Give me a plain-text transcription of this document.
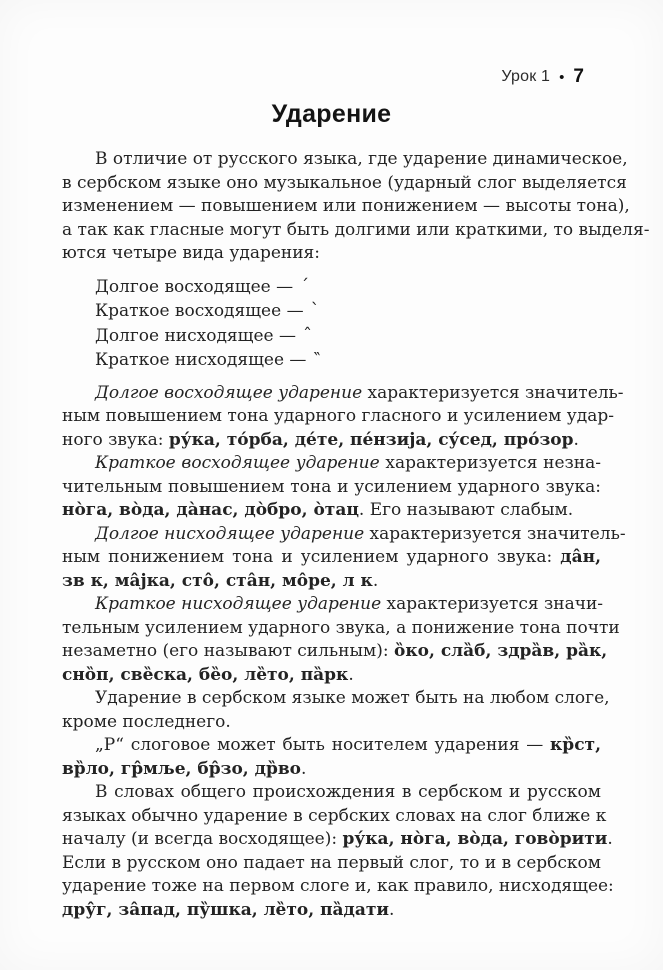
Урок 1 • 7
Ударение
В отличие от русского языка, где ударение динамическое,
в сербском языке оно музыкальное (ударный слог выделяется
изменением — повышением или понижением — высоты тона),
а так как гласные могут быть долгими или краткими, то выделя-
ются четыре вида ударения:
Долгое восходящее — ´
Краткое восходящее — `
Долгое нисходящее — ˆ
Краткое нисходящее — ‶
Долгое восходящее ударение характеризуется значитель-
ным повышением тона ударного гласного и усилением удар-
ного звука: ру́ка, то́рба, де́те, пе́нзија, су́сед, про́зор.
Краткое восходящее ударение характеризуется незна-
чительным повышением тона и усилением ударного звука:
но̀га, во̀да, да̀нас, до̀бро, о̀тац. Его называют слабым.
Долгое нисходящее ударение характеризуется значитель-
ным понижением тона и усилением ударного звука: да̂н,
зв к, ма̂јка, сто̂, ста̂н, мо̂ре, л к.
Краткое нисходящее ударение характеризуется значи-
тельным усилением ударного звука, а понижение тона почти
незаметно (его называют сильным): о̏ко, сла̏б, здра̏в, ра̏к,
сно̏п, све̏ска, бе̏о, ле̏то, па̏рк.
Ударение в сербском языке может быть на любом слоге,
кроме последнего.
„Р“ слоговое может быть носителем ударения — кр̏ст,
вр̏ло, гр̂мље, бр̂зо, др̏во.
В словах общего происхождения в сербском и русском
языках обычно ударение в сербских словах на слог ближе к
началу (и всегда восходящее): ру́ка, но̀га, во̀да, гово̀рити.
Если в русском оно падает на первый слог, то и в сербском
ударение тоже на первом слоге и, как правило, нисходящее:
дру̂г, за̂пад, пу̏шка, ле̏то, па̏дати.
